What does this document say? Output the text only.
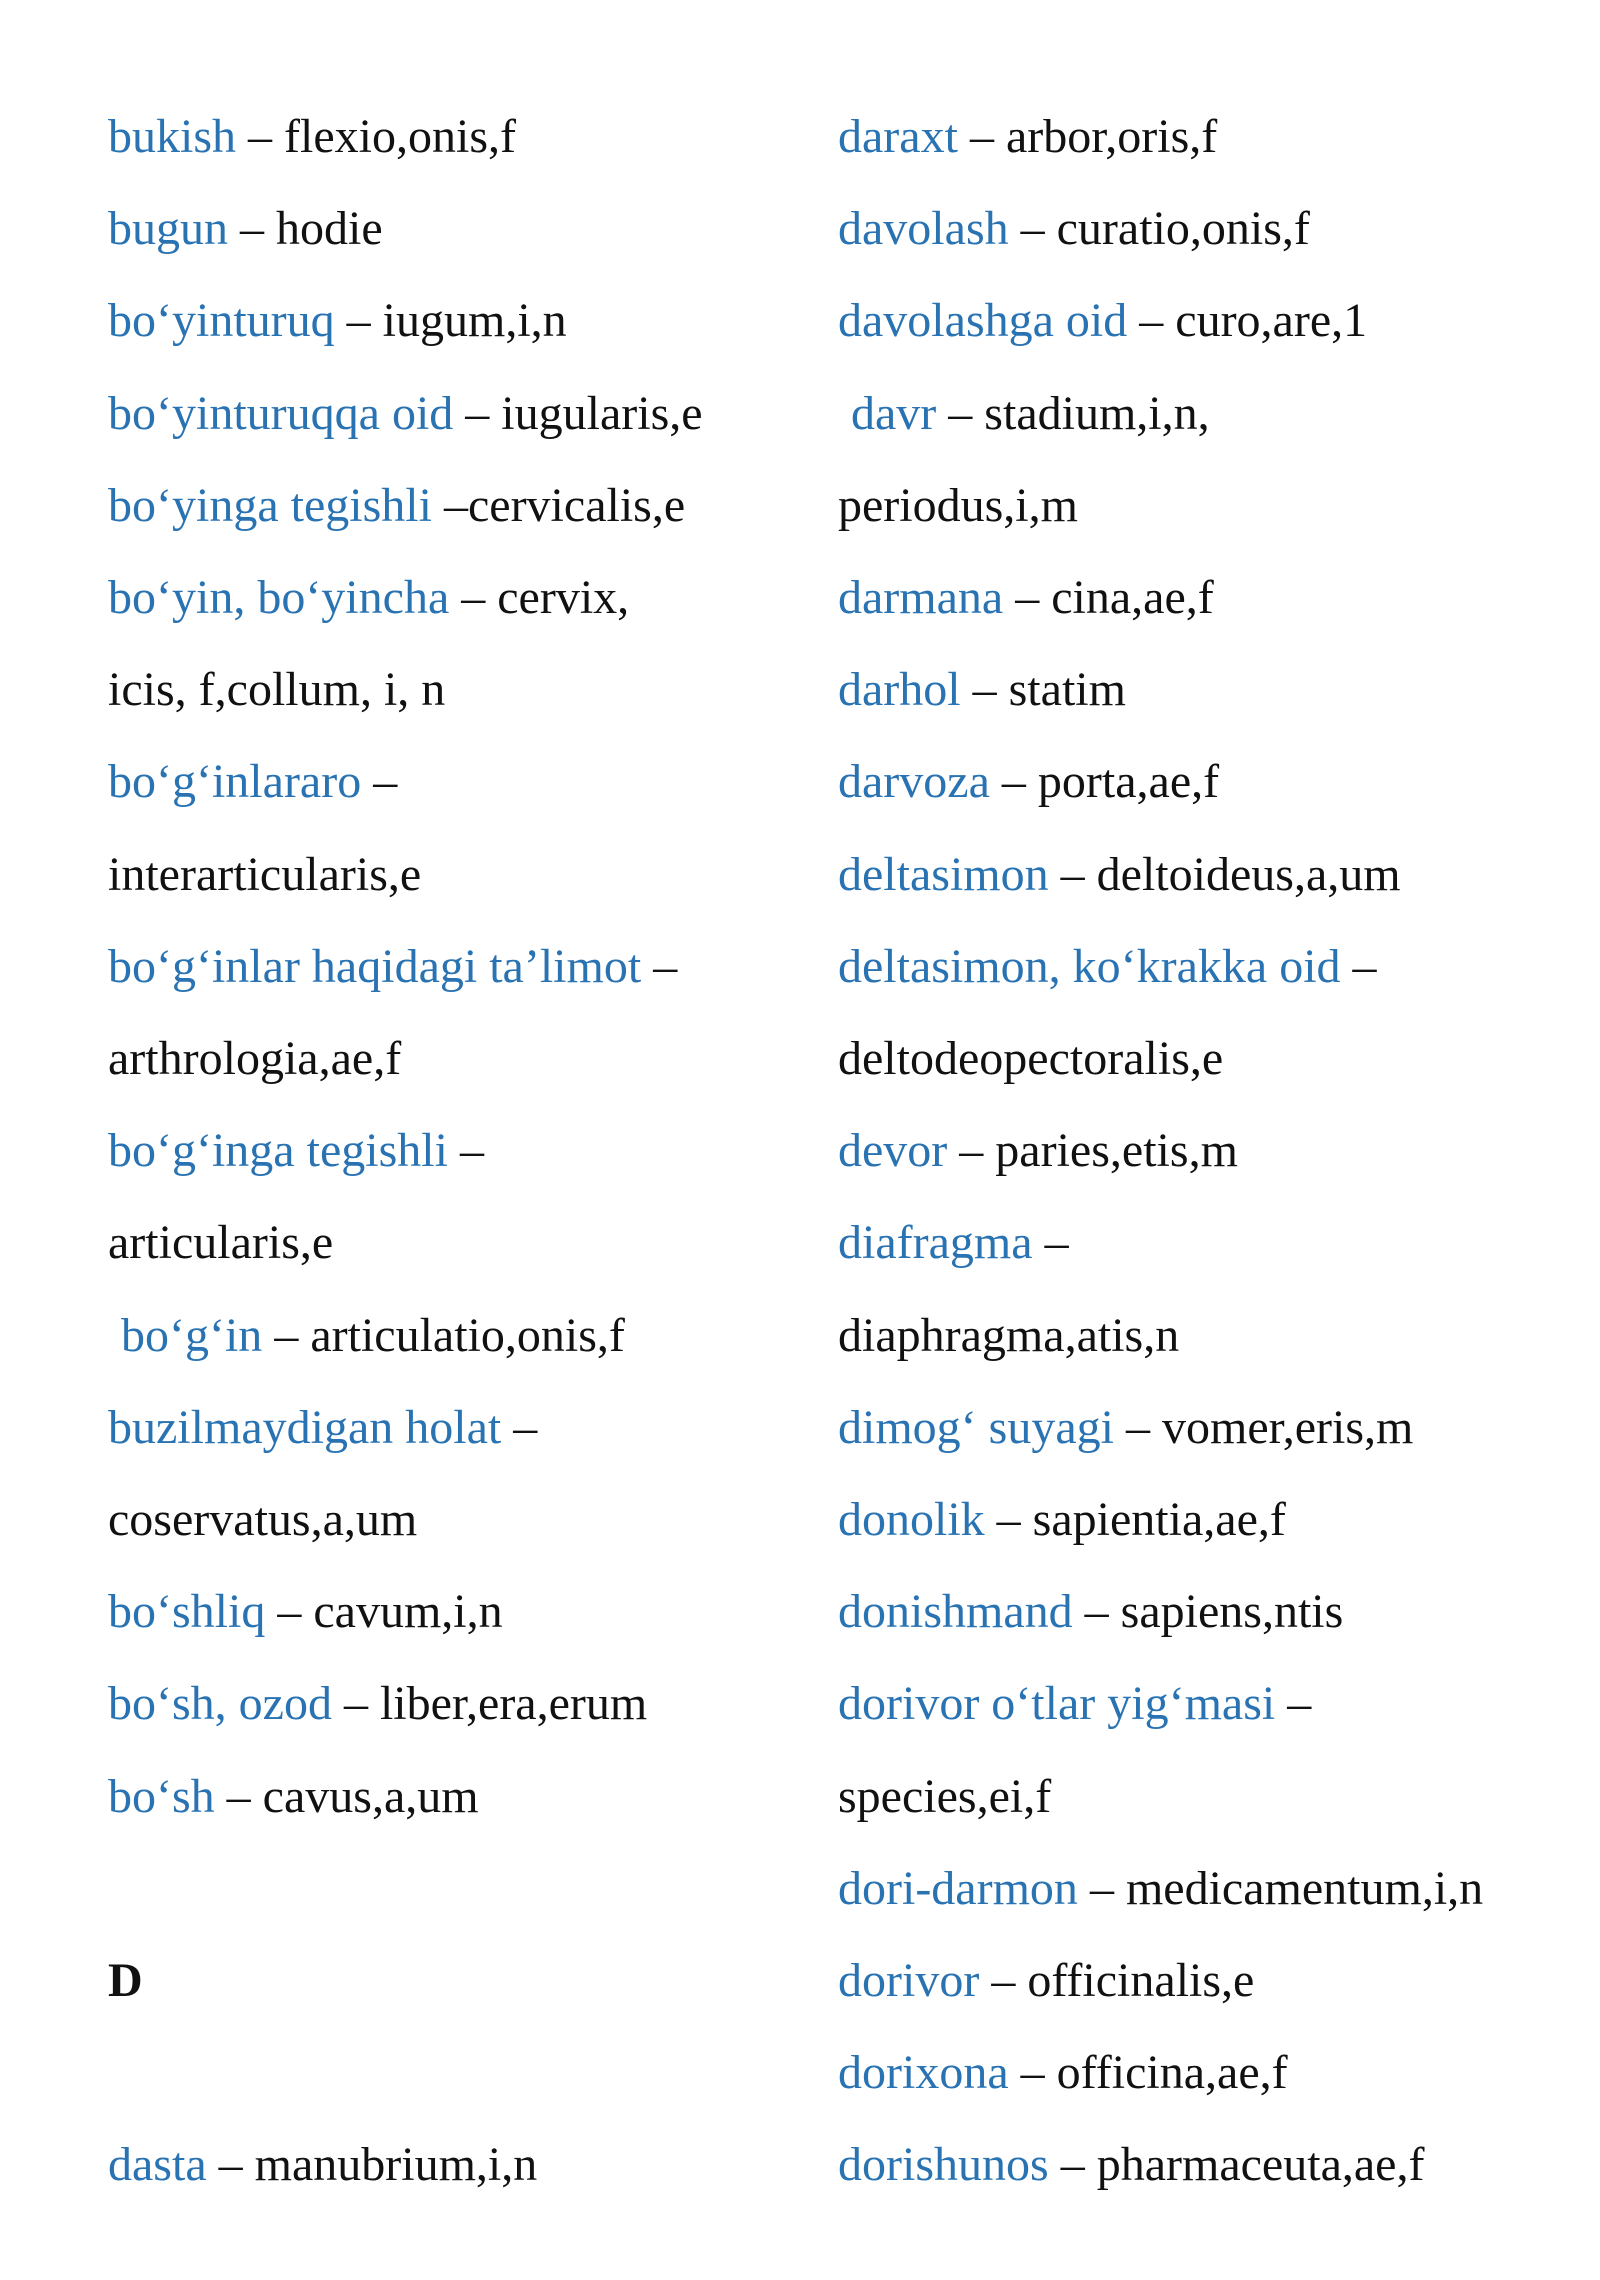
bukish – flexio,onis,f
bugun – hodie
bo‘yinturuq – iugum,i,n
bo‘yinturuqqa oid – iugularis,e
bo‘yinga tegishli –cervicalis,e
bo‘yin, bo‘yincha – cervix,
icis, f,collum, i, n
bo‘g‘inlararo –
interarticularis,e
bo‘g‘inlar haqidagi ta’limot –
arthrologia,ae,f
bo‘g‘inga tegishli –
articularis,e
bo‘g‘in – articulatio,onis,f
buzilmaydigan holat –
coservatus,a,um
bo‘shliq – cavum,i,n
bo‘sh, ozod – liber,era,erum
bo‘sh – cavus,a,um
D
dasta – manubrium,i,n
daraxt – arbor,oris,f
davolash – curatio,onis,f
davolashga oid – curo,are,1
davr – stadium,i,n,
periodus,i,m
darmana – cina,ae,f
darhol – statim
darvoza – porta,ae,f
deltasimon – deltoideus,a,um
deltasimon, ko‘krakka oid –
deltodeopectoralis,e
devor – paries,etis,m
diafragma –
diaphragma,atis,n
dimog‘ suyagi – vomer,eris,m
donolik – sapientia,ae,f
donishmand – sapiens,ntis
dorivor o‘tlar yig‘masi –
species,ei,f
dori-darmon – medicamentum,i,n
dorivor – officinalis,e
dorixona – officina,ae,f
dorishunos – pharmaceuta,ae,f
